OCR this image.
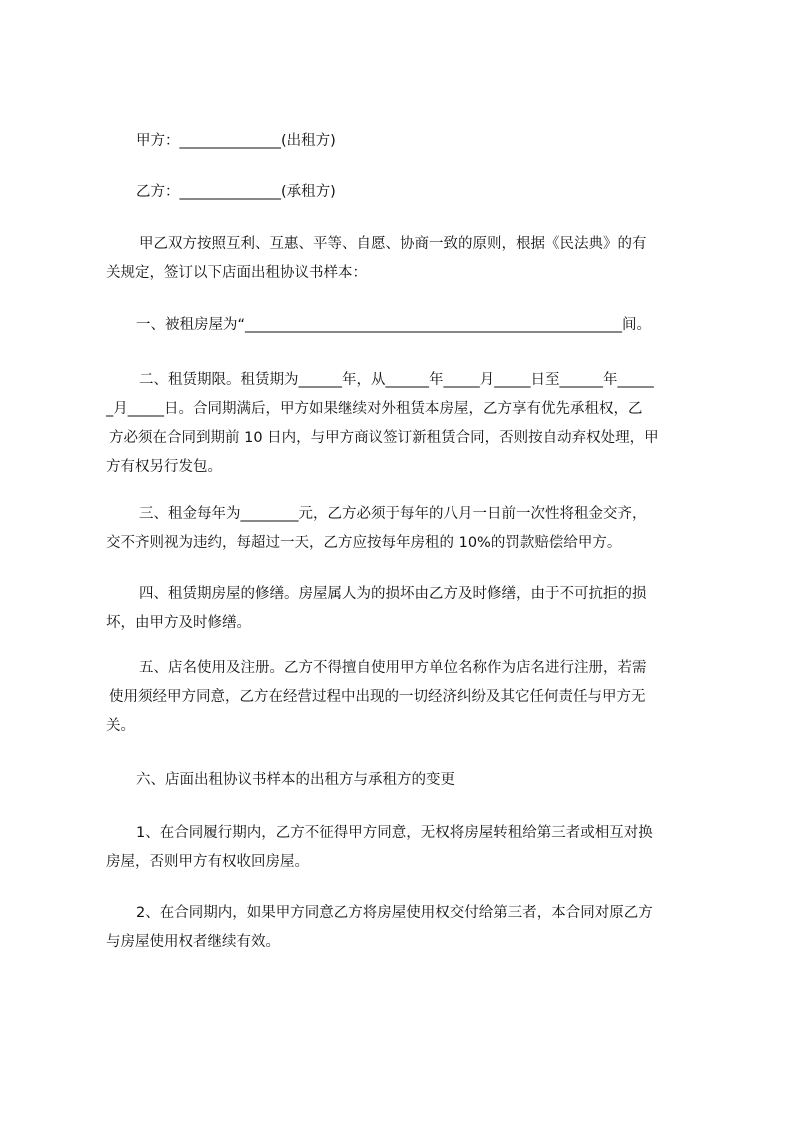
甲方：______________(出租方)

乙方：______________(承租方)

甲乙双方按照互利、互惠、平等、自愿、协商一致的原则，根据《民法典》的有
关规定，签订以下店面出租协议书样本：

一、被租房屋为“____________________________________________________间。

二、租赁期限。租赁期为______年，从______年_____月_____日至______年_____
_月_____日。合同期满后，甲方如果继续对外租赁本房屋，乙方享有优先承租权，乙
方必须在合同到期前 10 日内，与甲方商议签订新租赁合同，否则按自动弃权处理，甲
方有权另行发包。

三、租金每年为________元，乙方必须于每年的八月一日前一次性将租金交齐，
交不齐则视为违约，每超过一天，乙方应按每年房租的 10%的罚款赔偿给甲方。

四、租赁期房屋的修缮。房屋属人为的损坏由乙方及时修缮，由于不可抗拒的损
坏，由甲方及时修缮。

五、店名使用及注册。乙方不得擅自使用甲方单位名称作为店名进行注册，若需
使用须经甲方同意，乙方在经营过程中出现的一切经济纠纷及其它任何责任与甲方无
关。

六、店面出租协议书样本的出租方与承租方的变更

1、在合同履行期内，乙方不征得甲方同意，无权将房屋转租给第三者或相互对换
房屋，否则甲方有权收回房屋。

2、在合同期内，如果甲方同意乙方将房屋使用权交付给第三者，本合同对原乙方
与房屋使用权者继续有效。
